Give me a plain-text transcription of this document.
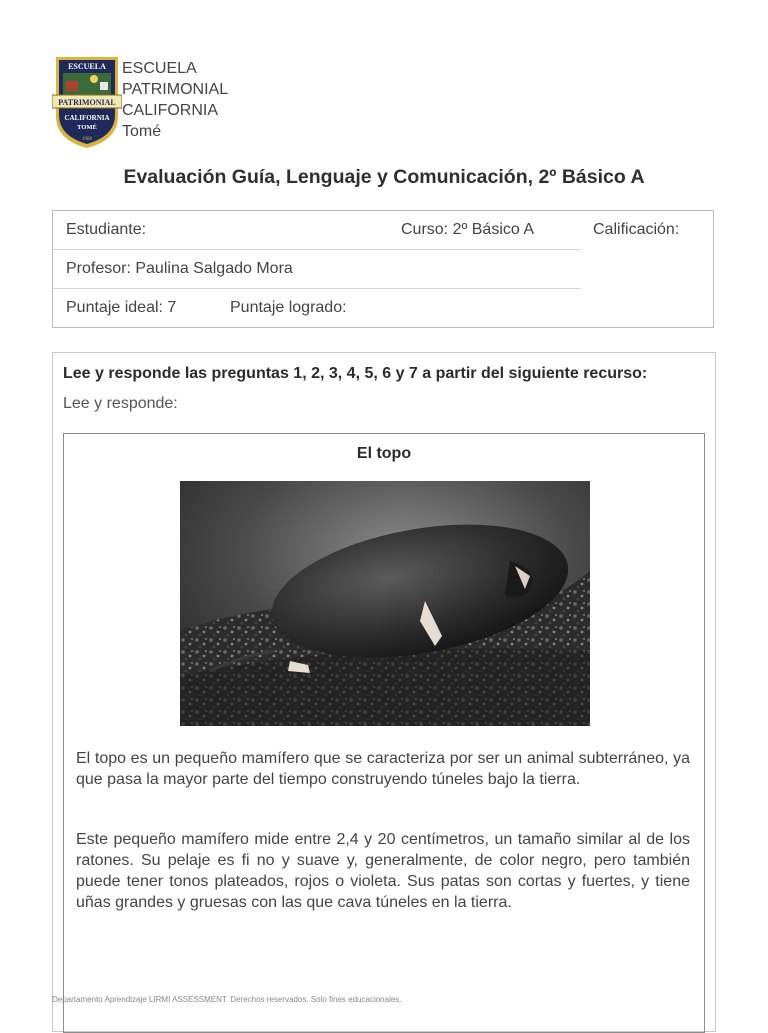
ESCUELA
PATRIMONIAL
CALIFORNIA
TOMÉ
1988
ESCUELA
PATRIMONIAL
CALIFORNIA
Tomé
Evaluación Guía, Lenguaje y Comunicación, 2º Básico A
Estudiante:	Curso: 2º Básico A
Profesor: Paulina Salgado Mora
Puntaje ideal: 7	Puntaje logrado:
Calificación:
Lee y responde las preguntas 1, 2, 3, 4, 5, 6 y 7 a partir del siguiente recurso:
Lee y responde:
El topo

El topo es un pequeño mamífero que se caracteriza por ser un animal subterráneo, ya que pasa la mayor parte del tiempo construyendo túneles bajo la tierra.

Este pequeño mamífero mide entre 2,4 y 20 centímetros, un tamaño similar al de los ratones. Su pelaje es fi no y suave y, generalmente, de color negro, pero también puede tener tonos plateados, rojos o violeta. Sus patas son cortas y fuertes, y tiene uñas grandes y gruesas con las que cava túneles en la tierra.

Departamento Aprendizaje LIRMI ASSESSMENT. Derechos reservados. Solo fines educacionales.
